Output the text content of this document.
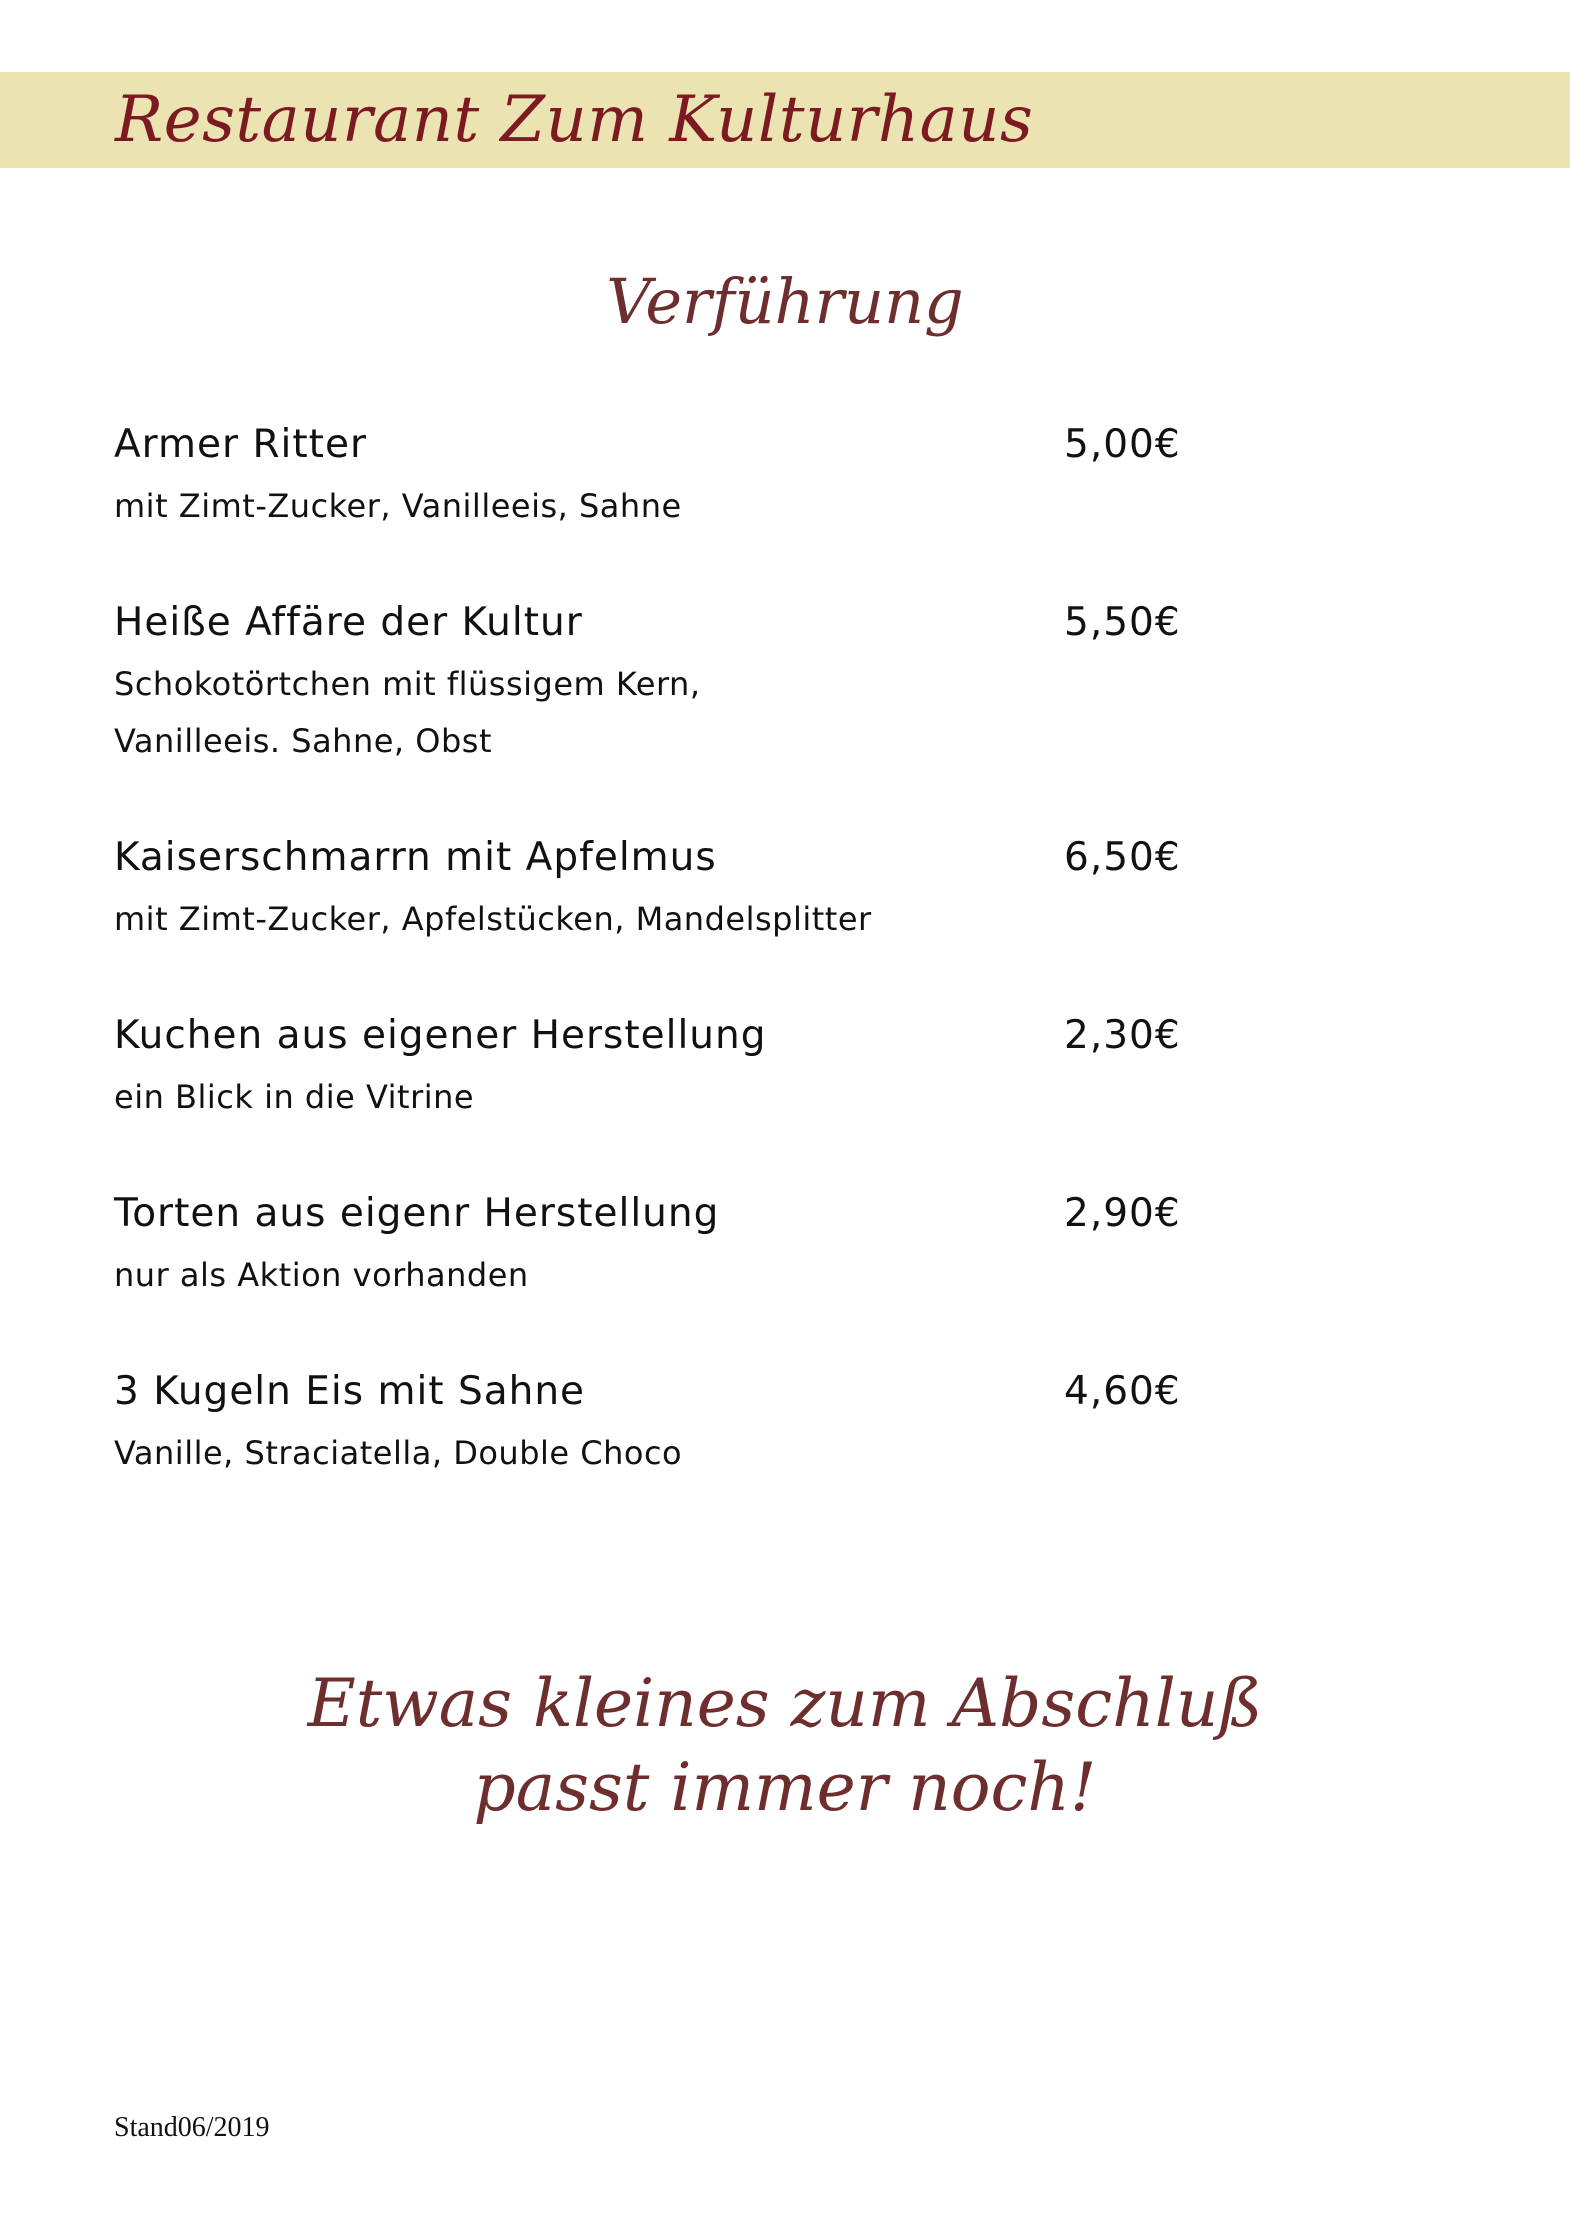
Restaurant Zum Kulturhaus
Verführung
Armer Ritter	5,00€
mit Zimt-Zucker, Vanilleeis, Sahne
Heiße Affäre der Kultur	5,50€
Schokotörtchen mit flüssigem Kern,
Vanilleeis. Sahne, Obst
Kaiserschmarrn mit Apfelmus	6,50€
mit Zimt-Zucker, Apfelstücken, Mandelsplitter
Kuchen aus eigener Herstellung	2,30€
ein Blick in die Vitrine
Torten aus eigenr Herstellung	2,90€
nur als Aktion vorhanden
3 Kugeln Eis mit Sahne	4,60€
Vanille, Straciatella, Double Choco

Etwas kleines zum Abschluß
passt immer noch!

Stand06/2019
